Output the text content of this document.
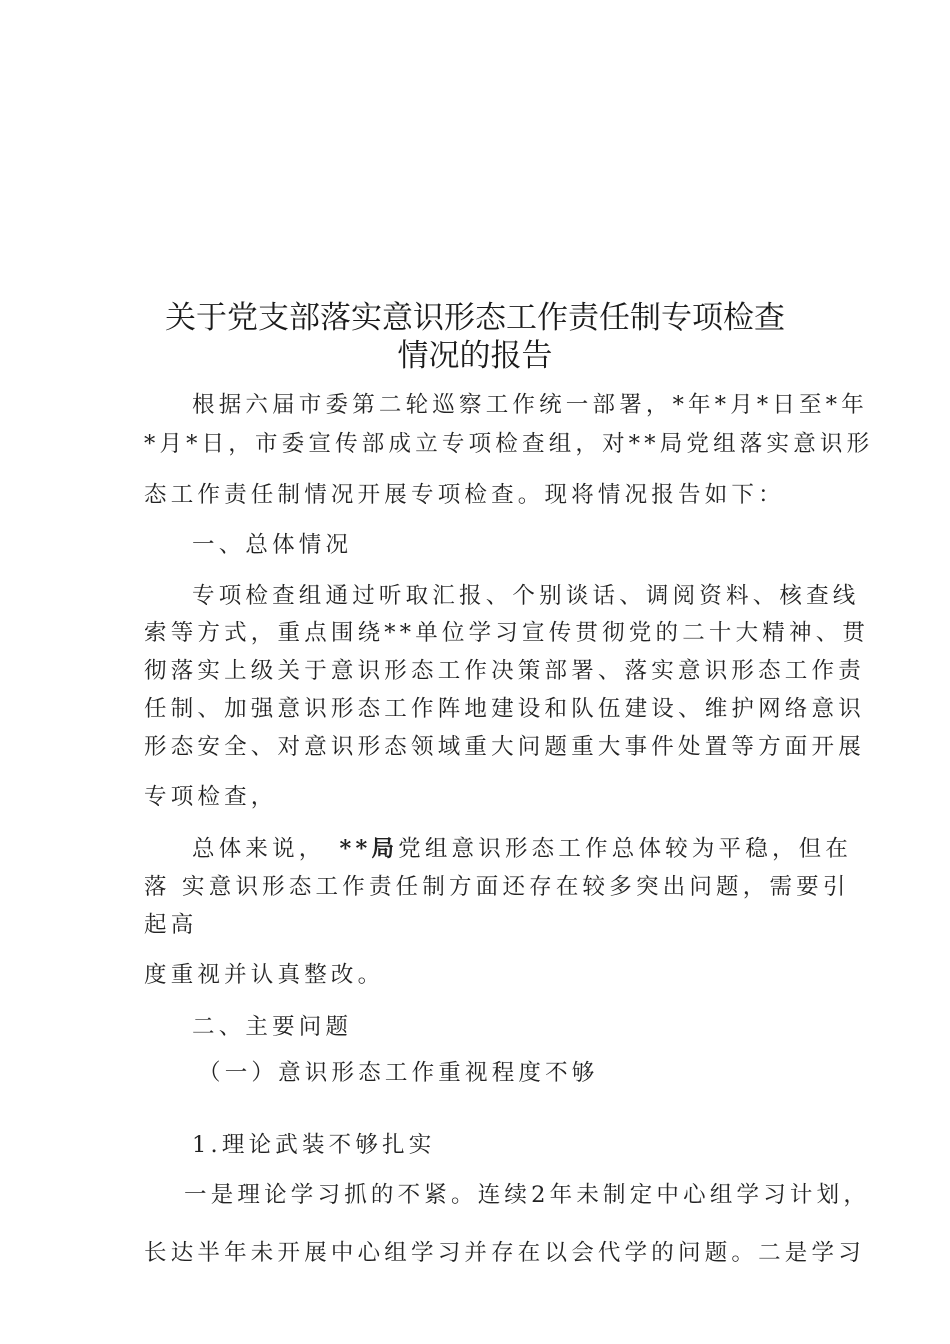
关于党支部落实意识形态工作责任制专项检查
情况的报告

根据六届市委第二轮巡察工作统一部署，*年*月*日至*年

*月*日，市委宣传部成立专项检查组，对**局党组落实意识形

态工作责任制情况开展专项检查。现将情况报告如下：

一、总体情况

专项检查组通过听取汇报、个别谈话、调阅资料、核查线

索等方式，重点围绕**单位学习宣传贯彻党的二十大精神、贯

彻落实上级关于意识形态工作决策部署、落实意识形态工作责

任制、加强意识形态工作阵地建设和队伍建设、维护网络意识

形态安全、对意识形态领域重大问题重大事件处置等方面开展

专项检查，

总体来说， **局党组意识形态工作总体较为平稳，但在

落 实意识形态工作责任制方面还存在较多突出问题，需要引

起高

度重视并认真整改。

二、主要问题

（一）意识形态工作重视程度不够

1.理论武装不够扎实

一是理论学习抓的不紧。连续2年未制定中心组学习计划，

长达半年未开展中心组学习并存在以会代学的问题。二是学习
